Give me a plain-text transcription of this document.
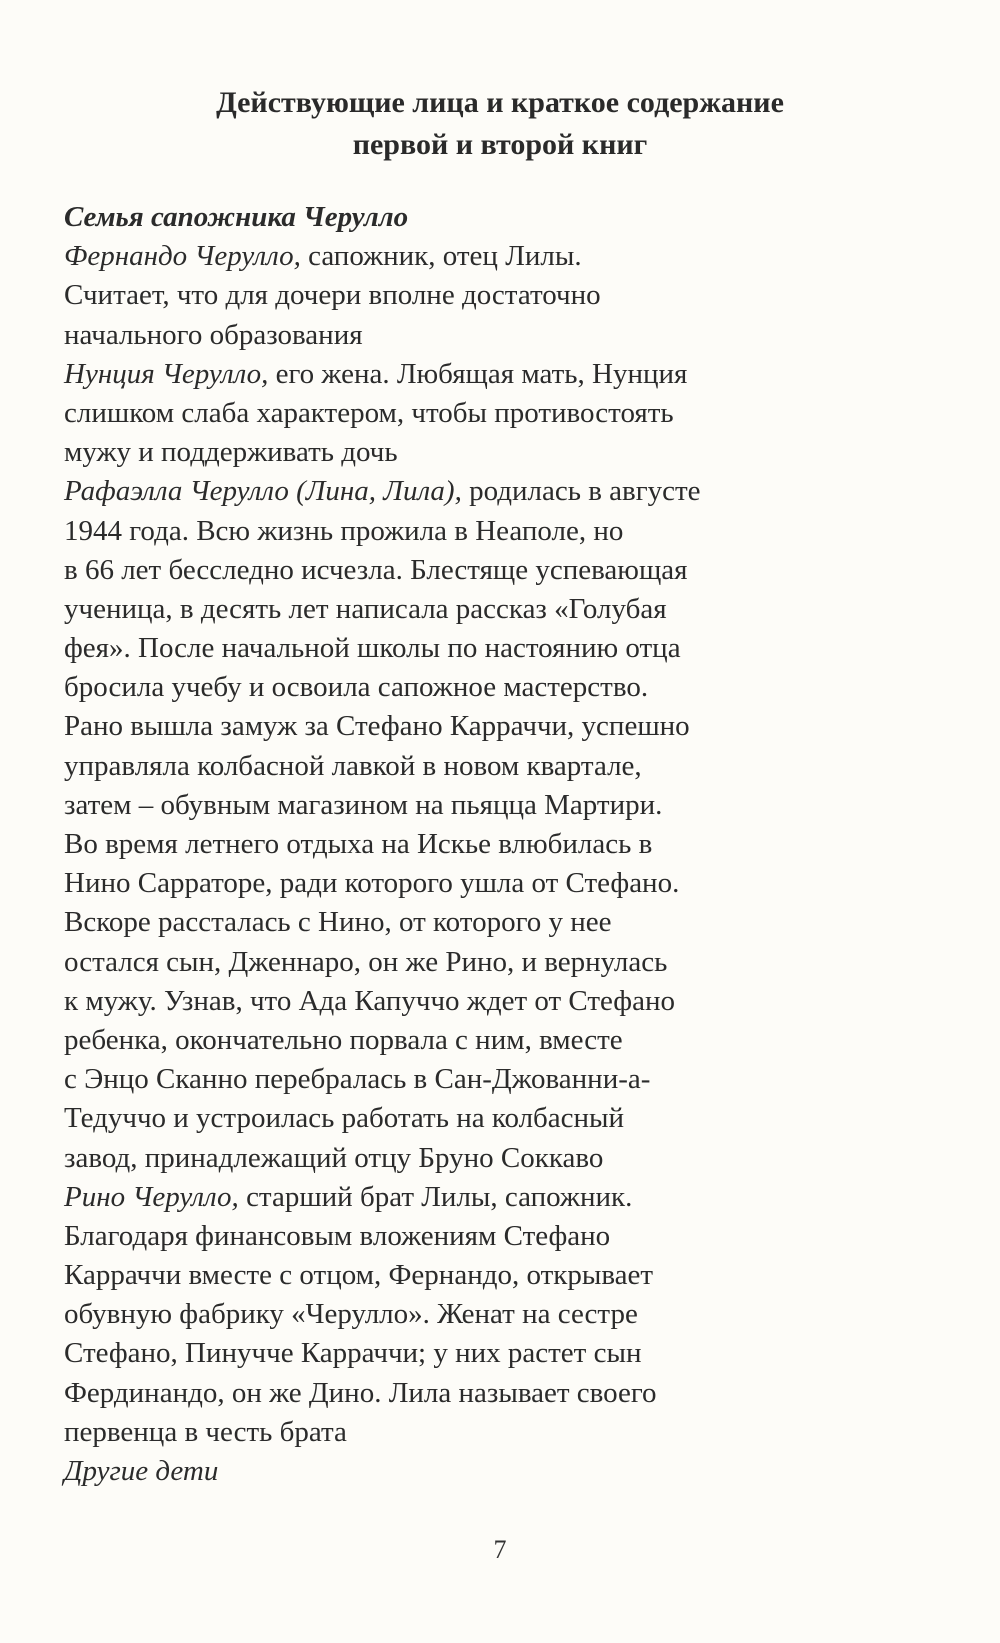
Действующие лица и краткое содержание
первой и второй книг
Семья сапожника Черулло
Фернандо Черулло, сапожник, отец Лилы.
Считает, что для дочери вполне достаточно
начального образования
Нунция Черулло, его жена. Любящая мать, Нунция
слишком слаба характером, чтобы противостоять
мужу и поддерживать дочь
Рафаэлла Черулло (Лина, Лила), родилась в августе
1944 года. Всю жизнь прожила в Неаполе, но
в 66 лет бесследно исчезла. Блестяще успевающая
ученица, в десять лет написала рассказ «Голубая
фея». После начальной школы по настоянию отца
бросила учебу и освоила сапожное мастерство.
Рано вышла замуж за Стефано Карраччи, успешно
управляла колбасной лавкой в новом квартале,
затем – обувным магазином на пьяцца Мартири.
Во время летнего отдыха на Искье влюбилась в
Нино Сарраторе, ради которого ушла от Стефано.
Вскоре рассталась с Нино, от которого у нее
остался сын, Дженнаро, он же Рино, и вернулась
к мужу. Узнав, что Ада Капуччо ждет от Стефано
ребенка, окончательно порвала с ним, вместе
с Энцо Сканно перебралась в Сан-Джованни-а-
Тедуччо и устроилась работать на колбасный
завод, принадлежащий отцу Бруно Соккаво
Рино Черулло, старший брат Лилы, сапожник.
Благодаря финансовым вложениям Стефано
Карраччи вместе с отцом, Фернандо, открывает
обувную фабрику «Черулло». Женат на сестре
Стефано, Пинучче Карраччи; у них растет сын
Фердинандо, он же Дино. Лила называет своего
первенца в честь брата
Другие дети
7
